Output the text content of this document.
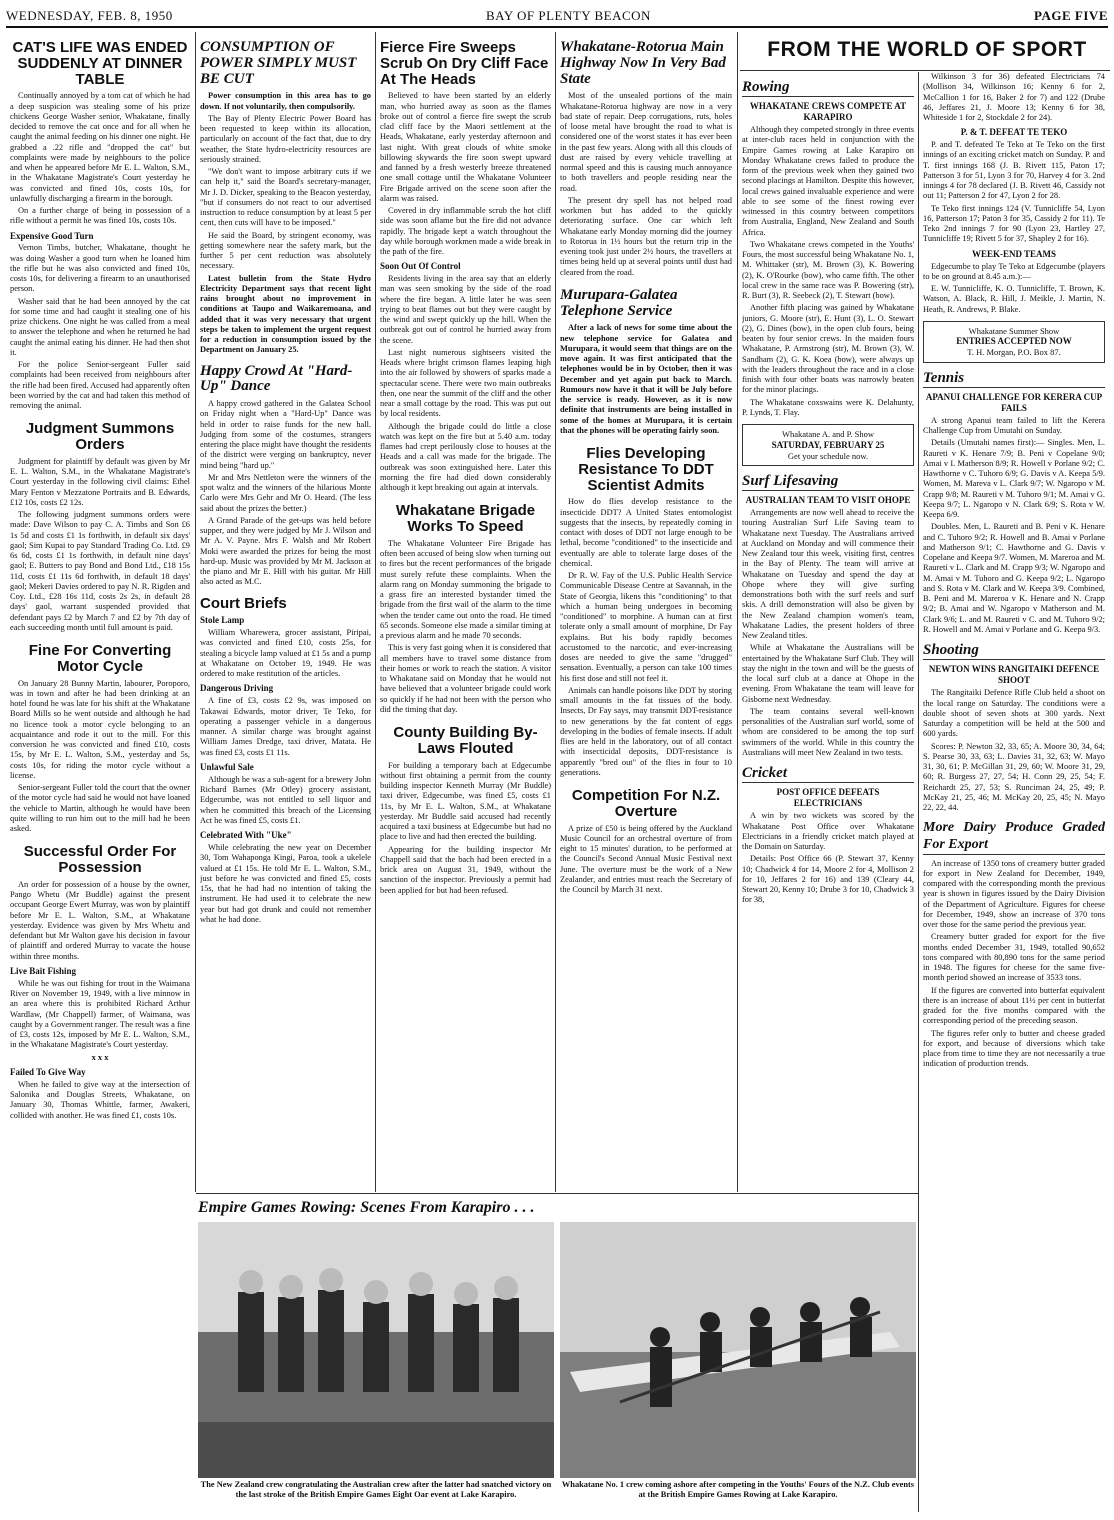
WEDNESDAY, FEB. 8, 1950	BAY OF PLENTY BEACON	PAGE FIVE
CAT'S LIFE WAS ENDED SUDDENLY AT DINNER TABLE

Continually annoyed by a tom cat of which he had a deep suspicion was stealing some of his prize chickens George Washer senior, Whakatane, finally decided to remove the cat once and for all when he caught the animal feeding on his dinner one night. He grabbed a .22 rifle and "dropped the cat" but complaints were made by neighbours to the police and when he appeared before Mr E. L. Walton, S.M., in the Whakatane Magistrate's Court yesterday he was convicted and fined 10s, costs 10s, for unlawfully discharging a firearm in the borough.

On a further charge of being in possession of a rifle without a permit he was fined 10s, costs 10s.

Expensive Good Turn

Vernon Timbs, butcher, Whakatane, thought he was doing Washer a good turn when he loaned him the rifle but he was also convicted and fined 10s, costs 10s, for delivering a firearm to an unauthorised person.

Washer said that he had been annoyed by the cat for some time and had caught it stealing one of his prize chickens. One night he was called from a meal to answer the telephone and when he returned he had caught the animal eating his dinner. He had then shot it.

For the police Senior-sergeant Fuller said complaints had been received from neighbours after the rifle had been fired. Accused had apparently often been worried by the cat and had taken this method of removing the animal.

Judgment Summons Orders

Judgment for plaintiff by default was given by Mr E. L. Walton, S.M., in the Whakatane Magistrate's Court yesterday in the following civil claims: Ethel Mary Fenton v Mezzatone Portraits and B. Edwards, £12 10s, costs £2 12s.

The following judgment summons orders were made: Dave Wilson to pay C. A. Timbs and Son £6 1s 5d and costs £1 1s forthwith, in default six days' gaol; Sim Kupai to pay Standard Trading Co. Ltd. £9 6s 6d, costs £1 1s forthwith, in default nine days' gaol; E. Butters to pay Bond and Bond Ltd., £18 15s 11d, costs £1 11s 6d forthwith, in default 18 days' gaol; Mekeri Davies ordered to pay N. R. Rigden and Coy. Ltd., £28 16s 11d, costs 2s 2s, in default 28 days' gaol, warrant suspended provided that defendant pays £2 by March 7 and £2 by 7th day of each succeeding month until full amount is paid.

Fine For Converting Motor Cycle

On January 28 Bunny Martin, labourer, Poroporo, was in town and after he had been drinking at an hotel found he was late for his shift at the Whakatane Board Mills so he went outside and although he had no licence took a motor cycle belonging to an acquaintance and rode it out to the mill. For this conversion he was convicted and fined £10, costs 15s, by Mr E. L. Walton, S.M., yesterday and 5s, costs 10s, for riding the motor cycle without a license.

Senior-sergeant Fuller told the court that the owner of the motor cycle had said he would not have loaned the vehicle to Martin, although he would have been quite willing to run him out to the mill had he been asked.

Successful Order For Possession

An order for possession of a house by the owner, Pango Whetu (Mr Buddle) against the present occupant George Ewert Murray, was won by plaintiff before Mr E. L. Walton, S.M., at Whakatane yesterday. Evidence was given by Mrs Whetu and defendant but Mr Walton gave his decision in favour of plaintiff and ordered Murray to vacate the house within three months.

Live Bait Fishing

While he was out fishing for trout in the Waimana River on November 19, 1949, with a live minnow in an area where this is prohibited Richard Arthur Wardlaw, (Mr Chappell) farmer, of Waimana, was caught by a Government ranger. The result was a fine of £3, costs 12s, imposed by Mr E. L. Walton, S.M., in the Whakatane Magistrate's Court yesterday.

x x x
Failed To Give Way

When he failed to give way at the intersection of Salonika and Douglas Streets, Whakatane, on January 30, Thomas Whittle, farmer, Awakeri, collided with another. He was fined £1, costs 10s.

CONSUMPTION OF POWER SIMPLY MUST BE CUT

Power consumption in this area has to go down. If not voluntarily, then compulsorily.

The Bay of Plenty Electric Power Board has been requested to keep within its allocation, particularly on account of the fact that, due to dry weather, the State hydro-electricity resources are seriously strained.

"We don't want to impose arbitrary cuts if we can help it," said the Board's secretary-manager, Mr J. D. Dicker, speaking to the Beacon yesterday, "but if consumers do not react to our advertised instruction to reduce consumption by at least 5 per cent, then cuts will have to be imposed."

He said the Board, by stringent economy, was getting somewhere near the safety mark, but the further 5 per cent reduction was absolutely necessary.

Latest bulletin from the State Hydro Electricity Department says that recent light rains brought about no improvement in conditions at Taupo and Waikaremoana, and added that it was very necessary that urgent steps be taken to implement the urgent request for a reduction in consumption issued by the Department on January 25.

Happy Crowd At "Hard-Up" Dance

A happy crowd gathered in the Galatea School on Friday night when a "Hard-Up" Dance was held in order to raise funds for the new hall. Judging from some of the costumes, strangers entering the place might have thought the residents of the district were verging on bankruptcy, never mind being "hard up."

Mr and Mrs Nettleton were the winners of the spot waltz and the winners of the hilarious Monte Carlo were Mrs Gehr and Mr O. Heard. (The less said about the prizes the better.)

A Grand Parade of the get-ups was held before supper, and they were judged by Mr J. Wilson and Mr A. V. Payne. Mrs F. Walsh and Mr Robert Moki were awarded the prizes for being the most hard-up. Music was provided by Mr M. Jackson at the piano and Mr E. Hill with his guitar. Mr Hill also acted as M.C.

Court Briefs
Stole Lamp

William Wharewera, grocer assistant, Piripai, was convicted and fined £10, costs 25s, for stealing a bicycle lamp valued at £1 5s and a pump at Whakatane on October 19, 1949. He was ordered to make restitution of the articles.

Dangerous Driving

A fine of £3, costs £2 9s, was imposed on Takawai Edwards, motor driver, Te Teko, for operating a passenger vehicle in a dangerous manner. A similar charge was brought against William James Dredge, taxi driver, Matata. He was fined £3, costs £1 11s.

Unlawful Sale

Although he was a sub-agent for a brewery John Richard Barnes (Mr Otley) grocery assistant, Edgecumbe, was not entitled to sell liquor and when he committed this breach of the Licensing Act he was fined £5, costs £1.

Celebrated With "Uke"

While celebrating the new year on December 30, Tom Wahaponga Kingi, Paroa, took a ukelele valued at £1 15s. He told Mr E. L. Walton, S.M., just before he was convicted and fined £5, costs 15s, that he had had no intention of taking the instrument. He had used it to celebrate the new year but had got drunk and could not remember what he had done.

Fierce Fire Sweeps Scrub On Dry Cliff Face At The Heads

Believed to have been started by an elderly man, who hurried away as soon as the flames broke out of control a fierce fire swept the scrub clad cliff face by the Maori settlement at the Heads, Whakatane, early yesterday afternoon and last night. With great clouds of white smoke billowing skywards the fire soon swept upward and fanned by a fresh westerly breeze threatened one small cottage until the Whakatane Volunteer Fire Brigade arrived on the scene soon after the alarm was raised.

Covered in dry inflammable scrub the hot cliff side was soon aflame but the fire did not advance rapidly. The brigade kept a watch throughout the day while borough workmen made a wide break in the path of the fire.

Soon Out Of Control

Residents living in the area say that an elderly man was seen smoking by the side of the road where the fire began. A little later he was seen trying to beat flames out but they were caught by the wind and swept quickly up the hill. When the outbreak got out of control he hurried away from the scene.

Last night numerous sightseers visited the Heads where bright crimson flames leaping high into the air followed by showers of sparks made a spectacular scene. There were two main outbreaks then, one near the summit of the cliff and the other near a small cottage by the road. This was put out by local residents.

Although the brigade could do little a close watch was kept on the fire but at 5.40 a.m. today flames had crept perilously close to houses at the Heads and a call was made for the brigade. The outbreak was soon extinguished here. Later this morning the fire had died down considerably although it kept breaking out again at intervals.

Whakatane Brigade Works To Speed

The Whakatane Volunteer Fire Brigade has often been accused of being slow when turning out to fires but the recent performances of the brigade must surely refute these complaints. When the alarm rang on Monday summoning the brigade to a grass fire an interested bystander timed the brigade from the first wail of the alarm to the time when the tender came out onto the road. He timed 65 seconds. Someone else made a similar timing at a previous alarm and he made 70 seconds.

This is very fast going when it is considered that all members have to travel some distance from their homes or work to reach the station. A visitor to Whakatane said on Monday that he would not have believed that a volunteer brigade could work so quickly if he had not been with the person who did the timing that day.

County Building By-Laws Flouted

For building a temporary bach at Edgecumbe without first obtaining a permit from the county building inspector Kenneth Murray (Mr Buddle) taxi driver, Edgecumbe, was fined £5, costs £1 11s, by Mr E. L. Walton, S.M., at Whakatane yesterday. Mr Buddle said accused had recently acquired a taxi business at Edgecumbe but had no place to live and had then erected the building.

Appearing for the building inspector Mr Chappell said that the bach had been erected in a brick area on August 31, 1949, without the sanction of the inspector. Previously a permit had been applied for but had been refused.

Whakatane-Rotorua Main Highway Now In Very Bad State

Most of the unsealed portions of the main Whakatane-Rotorua highway are now in a very bad state of repair. Deep corrugations, ruts, holes of loose metal have brought the road to what is considered one of the worst states it has ever been in the past few years. Along with all this clouds of dust are raised by every vehicle travelling at normal speed and this is causing much annoyance to both travellers and people residing near the road.

The present dry spell has not helped road workmen but has added to the quickly deteriorating surface. One car which left Whakatane early Monday morning did the journey to Rotorua in 1½ hours but the return trip in the evening took just under 2½ hours, the travellers at times being held up at several points until dust had cleared from the road.

Murupara-Galatea Telephone Service

After a lack of news for some time about the new telephone service for Galatea and Murupara, it would seem that things are on the move again. It was first anticipated that the telephones would be in by October, then it was December and yet again put back to March. Rumours now have it that it will be July before the service is ready. However, as it is now definite that instruments are being installed in some of the homes at Murupara, it is certain that the phones will be operating fairly soon.

Flies Developing Resistance To DDT Scientist Admits

How do flies develop resistance to the insecticide DDT? A United States entomologist suggests that the insects, by repeatedly coming in contact with doses of DDT not large enough to be lethal, become "conditioned" to the insecticide and eventually are able to tolerate large doses of the chemical.

Dr R. W. Fay of the U.S. Public Health Service Communicable Disease Centre at Savannah, in the State of Georgia, likens this "conditioning" to that which a human being undergoes in becoming "conditioned" to morphine. A human can at first tolerate only a small amount of morphine, Dr Fay explains. But his body rapidly becomes accustomed to the narcotic, and ever-increasing doses are needed to give the same "drugged" sensation. Eventually, a person can take 100 times his first dose and still not feel it.

Animals can handle poisons like DDT by storing small amounts in the fat tissues of the body. Insects, Dr Fay says, may transmit DDT-resistance to new generations by the fat content of eggs developing in the bodies of female insects. If adult flies are held in the laboratory, out of all contact with insecticidal deposits, DDT-resistance is apparently "bred out" of the flies in four to 10 generations.

Competition For N.Z. Overture

A prize of £50 is being offered by the Auckland Music Council for an orchestral overture of from eight to 15 minutes' duration, to be performed at the Council's Second Annual Music Festival next June. The overture must be the work of a New Zealander, and entries must reach the Secretary of the Council by March 31 next.

FROM THE WORLD OF SPORT
Rowing
WHAKATANE CREWS COMPETE AT KARAPIRO

Although they competed strongly in three events at inter-club races held in conjunction with the Empire Games rowing at Lake Karapiro on Monday Whakatane crews failed to produce the form of the previous week when they gained two second placings at Hamilton. Despite this however, local crews gained invaluable experience and were able to see some of the finest rowing ever witnessed in this country between competitors from Australia, England, New Zealand and South Africa.

Two Whakatane crews competed in the Youths' Fours, the most successful being Whakatane No. 1, M. Whittaker (str), M. Brown (3), K. Bowering (2), K. O'Rourke (bow), who came fifth. The other local crew in the same race was P. Bowering (str), R. Burt (3), R. Seebeck (2), T. Stewart (bow).

Another fifth placing was gained by Whakatane juniors, G. Moore (str), E. Hunt (3), L. O. Stewart (2), G. Dines (bow), in the open club fours, being beaten by four senior crews. In the maiden fours Whakatane, P. Armstrong (str), M. Brown (3), W. Sandham (2), G. K. Koea (bow), were always up with the leaders throughout the race and in a close finish with four other boats was narrowly beaten for the minor placings.

The Whakatane coxswains were K. Delahunty, P. Lynds, T. Flay.

Whakatane A. and P. Show
SATURDAY, FEBRUARY 25
Get your schedule now.
Surf Lifesaving
AUSTRALIAN TEAM TO VISIT OHOPE

Arrangements are now well ahead to receive the touring Australian Surf Life Saving team to Whakatane next Tuesday. The Australians arrived at Auckland on Monday and will commence their New Zealand tour this week, visiting first, centres in the Bay of Plenty. The team will arrive at Whakatane on Tuesday and spend the day at Ohope where they will give surfing demonstrations both with the surf reels and surf skis. A drill demonstration will also be given by the New Zealand champion women's team, Whakatane Ladies, the present holders of three New Zealand titles.

While at Whakatane the Australians will be entertained by the Whakatane Surf Club. They will stay the night in the town and will be the guests of the local surf club at a dance at Ohope in the evening. From Whakatane the team will leave for Gisborne next Wednesday.

The team contains several well-known personalities of the Australian surf world, some of whom are considered to be among the top surf swimmers of the world. While in this country the Australians will meet New Zealand in two tests.

Cricket
POST OFFICE DEFEATS ELECTRICIANS

A win by two wickets was scored by the Whakatane Post Office over Whakatane Electricians in a friendly cricket match played at the Domain on Saturday.

Details: Post Office 66 (P. Stewart 37, Kenny 10; Chadwick 4 for 14, Moore 2 for 4, Mollison 2 for 10, Jeffares 2 for 16) and 139 (Cleary 44, Stewart 20, Kenny 10; Drube 3 for 10, Chadwick 3 for 38,

Wilkinson 3 for 36) defeated Electricians 74 (Mollison 34, Wilkinson 16; Kenny 6 for 2, McCallion 1 for 16, Baker 2 for 7) and 122 (Drube 46, Jeffares 21, J. Moore 13; Kenny 6 for 38, Whiteside 1 for 2, Stockdale 2 for 24).

P. & T. DEFEAT TE TEKO

P. and T. defeated Te Teko at Te Teko on the first innings of an exciting cricket match on Sunday. P. and T. first innings 168 (J. B. Rivett 115, Paton 17; Patterson 3 for 51, Lyon 3 for 70, Harvey 4 for 3. 2nd innings 4 for 78 declared (J. B. Rivett 46, Cassidy not out 11; Patterson 2 for 47, Lyon 2 for 28.

Te Teko first innings 124 (V. Tunnicliffe 54, Lyon 16, Patterson 17; Paton 3 for 35, Cassidy 2 for 11). Te Teko 2nd innings 7 for 90 (Lyon 23, Hartley 27, Tunnicliffe 19; Rivett 5 for 37, Shapley 2 for 16).

WEEK-END TEAMS

Edgecumbe to play Te Teko at Edgecumbe (players to be on ground at 8.45 a.m.):—

E. W. Tunnicliffe, K. O. Tunnicliffe, T. Brown, K. Watson, A. Black, R. Hill, J. Meikle, J. Martin, N. Heath, R. Andrews, P. Blake.

Whakatane Summer Show
ENTRIES ACCEPTED NOW
T. H. Morgan, P.O. Box 87.
Tennis
APANUI CHALLENGE FOR KERERA CUP FAILS

A strong Apanui team failed to lift the Kerera Challenge Cup from Umutahi on Sunday.

Details (Umutahi names first):— Singles. Men, L. Raureti v K. Henare 7/9; B. Peni v Copelane 9/0; Amai v I. Matherson 8/9; R. Howell v Porlane 9/2; C. Hawthorne v C. Tuhoro 6/9; G. Davis v A. Keepa 5/9. Women, M. Mareva v L. Clark 9/7; W. Ngaropo v M. Crapp 9/8; M. Raureti v M. Tuhoro 9/1; M. Amai v G. Keepa 9/7; L. Ngaropo v N. Clark 6/9; S. Rota v W. Keepa 6/9.

Doubles. Men, L. Raureti and B. Peni v K. Henare and C. Tuhoro 9/2; R. Howell and B. Amai v Porlane and Matherson 9/1; C. Hawthorne and G. Davis v Copelane and Keepa 9/7. Women, M. Mareroa and M. Raureti v L. Clark and M. Crapp 9/3; W. Ngaropo and M. Amai v M. Tuhoro and G. Keepa 9/2; L. Ngaropo and S. Rota v M. Clark and W. Keepa 3/9. Combined, B. Peni and M. Mareroa v K. Henare and N. Crapp 9/2; B. Amai and W. Ngaropo v Matherson and M. Clark 9/6; L. and M. Raureti v C. and M. Tuhoro 9/2; R. Howell and M. Amai v Porlane and G. Keepa 9/3.

Shooting
NEWTON WINS RANGITAIKI DEFENCE SHOOT

The Rangitaiki Defence Rifle Club held a shoot on the local range on Saturday. The conditions were a double shoot of seven shots at 300 yards. Next Saturday a competition will be held at the 500 and 600 yards.

Scores: P. Newton 32, 33, 65; A. Moore 30, 34, 64; S. Pearse 30, 33, 63; L. Davies 31, 32, 63; W. Mayo 31, 30, 61; P. McGillan 31, 29, 60; W. Moore 31, 29, 60; R. Burgess 27, 27, 54; H. Conn 29, 25, 54; F. Reichardt 25, 27, 53; S. Runciman 24, 25, 49; P. McKay 21, 25, 46; M. McKay 20, 25, 45; N. Mayo 22, 22, 44.

More Dairy Produce Graded For Export

An increase of 1350 tons of creamery butter graded for export in New Zealand for December, 1949, compared with the corresponding month the previous year is shown in figures issued by the Dairy Division of the Department of Agriculture. Figures for cheese for December, 1949, show an increase of 370 tons over those for the same period the previous year.

Creamery butter graded for export for the five months ended December 31, 1949, totalled 90,652 tons compared with 80,890 tons for the same period in 1948. The figures for cheese for the same five-month period showed an increase of 3533 tons.

If the figures are converted into butterfat equivalent there is an increase of about 11½ per cent in butterfat graded for the five months compared with the corresponding period of the preceding season.

The figures refer only to butter and cheese graded for export, and because of diversions which take place from time to time they are not necessarily a true indication of production trends.

Empire Games Rowing: Scenes From Karapiro . . .
The New Zealand crew congratulating the Australian crew after the latter had snatched victory on the last stroke of the British Empire Games Eight Oar event at Lake Karapiro.
Whakatane No. 1 crew coming ashore after competing in the Youths' Fours of the N.Z. Club events at the British Empire Games Rowing at Lake Karapiro.
